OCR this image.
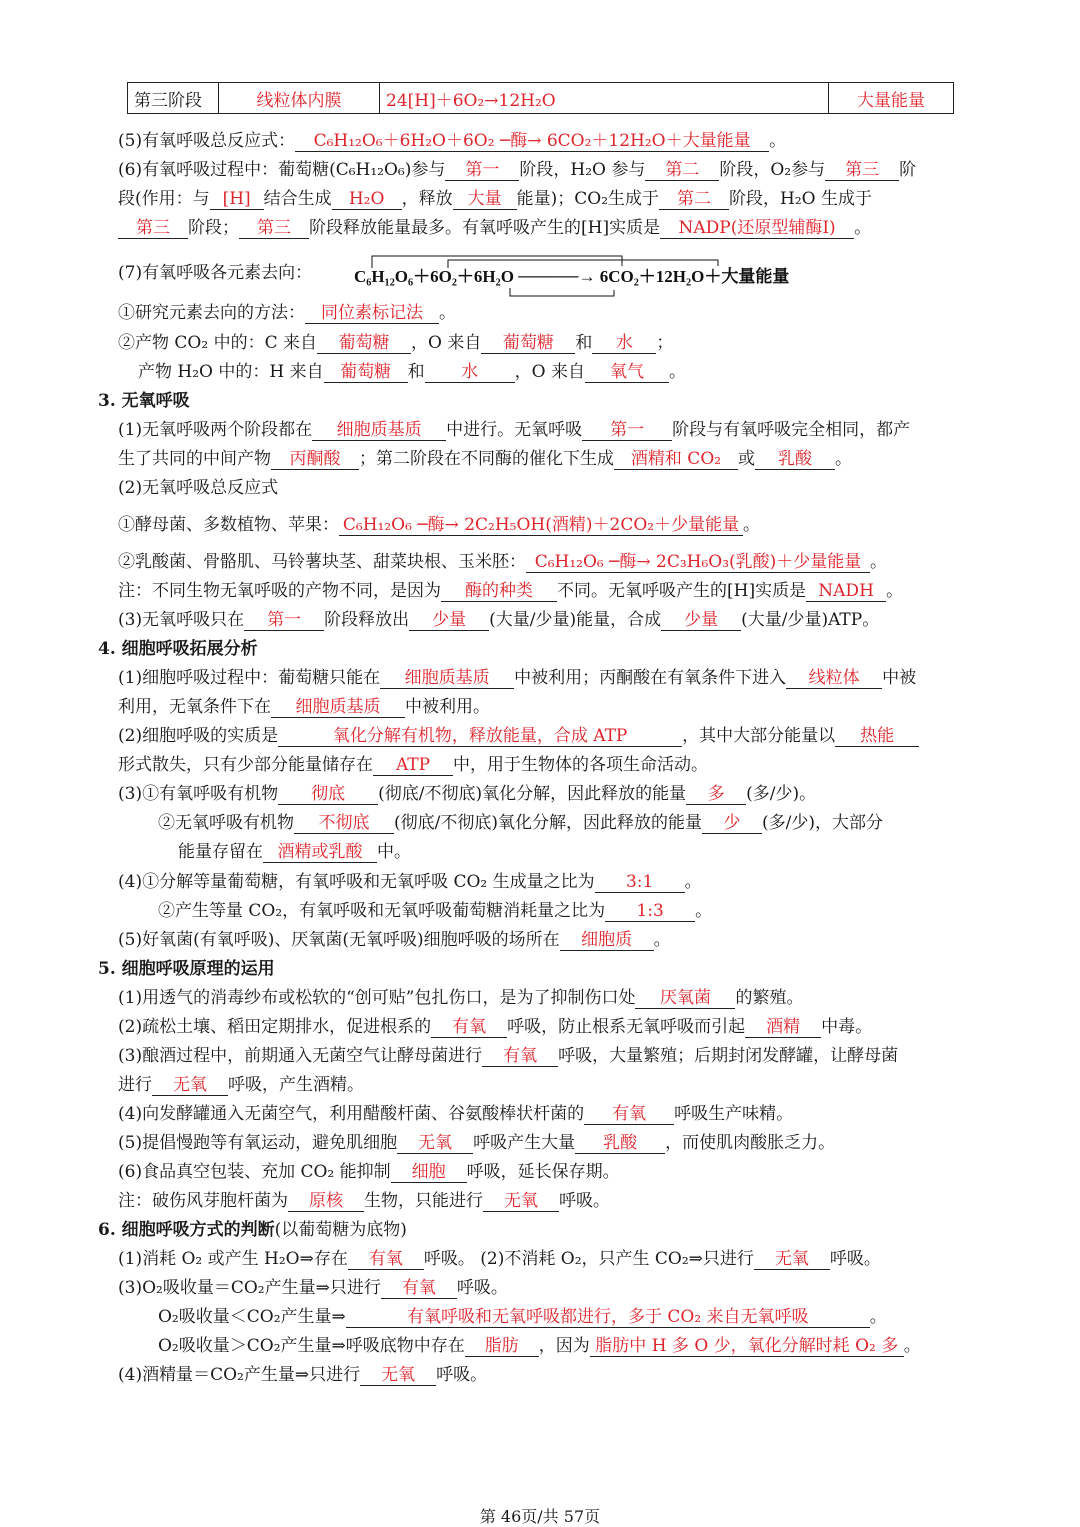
第三阶段	线粒体内膜	24[H]＋6O₂→12H₂O	大量能量
(5)有氧呼吸总反应式： C₆H₁₂O₆＋6H₂O＋6O₂ ─酶→ 6CO₂＋12H₂O＋大量能量 。
(6)有氧呼吸过程中：葡萄糖(C₆H₁₂O₆)参与 第一 阶段，H₂O 参与 第二 阶段，O₂参与 第三 阶
段(作用：与 [H] 结合生成 H₂O ，释放 大量 能量)；CO₂生成于 第二 阶段，H₂O 生成于
第三 阶段； 第三 阶段释放能量最多。有氧呼吸产生的[H]实质是 NADP(还原型辅酶Ⅰ) 。
(7)有氧呼吸各元素去向： C₆H₁₂O₆＋6O₂＋6H₂O ─────→ 6CO₂＋12H₂O＋大量能量
①研究元素去向的方法： 同位素标记法 。
②产物 CO₂ 中的：C 来自 葡萄糖 ，O 来自 葡萄糖 和 水 ；
产物 H₂O 中的：H 来自 葡萄糖 和 水 ，O 来自 氧气 。
3. 无氧呼吸
(1)无氧呼吸两个阶段都在 细胞质基质 中进行。无氧呼吸 第一 阶段与有氧呼吸完全相同，都产
生了共同的中间产物 丙酮酸 ；第二阶段在不同酶的催化下生成 酒精和 CO₂ 或 乳酸 。
(2)无氧呼吸总反应式
①酵母菌、多数植物、苹果： C₆H₁₂O₆ ─酶→ 2C₂H₅OH(酒精)＋2CO₂＋少量能量 。
②乳酸菌、骨骼肌、马铃薯块茎、甜菜块根、玉米胚： C₆H₁₂O₆ ─酶→ 2C₃H₆O₃(乳酸)＋少量能量 。
注：不同生物无氧呼吸的产物不同，是因为 酶的种类 不同。无氧呼吸产生的[H]实质是 NADH 。
(3)无氧呼吸只在 第一 阶段释放出 少量 (大量/少量)能量，合成 少量 (大量/少量)ATP。
4. 细胞呼吸拓展分析
(1)细胞呼吸过程中：葡萄糖只能在 细胞质基质 中被利用；丙酮酸在有氧条件下进入 线粒体 中被
利用，无氧条件下在 细胞质基质 中被利用。
(2)细胞呼吸的实质是	氧化分解有机物，释放能量，合成 ATP	，其中大部分能量以 热能
形式散失，只有少部分能量储存在 ATP 中，用于生物体的各项生命活动。
(3)①有氧呼吸有机物 彻底 (彻底/不彻底)氧化分解，因此释放的能量 多 (多/少)。
②无氧呼吸有机物 不彻底 (彻底/不彻底)氧化分解，因此释放的能量 少 (多/少)，大部分
能量存留在 酒精或乳酸 中。
(4)①分解等量葡萄糖，有氧呼吸和无氧呼吸 CO₂ 生成量之比为 3:1 。
②产生等量 CO₂，有氧呼吸和无氧呼吸葡萄糖消耗量之比为 1:3 。
(5)好氧菌(有氧呼吸)、厌氧菌(无氧呼吸)细胞呼吸的场所在 细胞质 。
5. 细胞呼吸原理的运用
(1)用透气的消毒纱布或松软的“创可贴”包扎伤口，是为了抑制伤口处 厌氧菌 的繁殖。
(2)疏松土壤、稻田定期排水，促进根系的 有氧 呼吸，防止根系无氧呼吸而引起 酒精 中毒。
(3)酿酒过程中，前期通入无菌空气让酵母菌进行 有氧 呼吸，大量繁殖；后期封闭发酵罐，让酵母菌
进行 无氧 呼吸，产生酒精。
(4)向发酵罐通入无菌空气，利用醋酸杆菌、谷氨酸棒状杆菌的 有氧 呼吸生产味精。
(5)提倡慢跑等有氧运动，避免肌细胞 无氧 呼吸产生大量 乳酸 ，而使肌肉酸胀乏力。
(6)食品真空包装、充加 CO₂ 能抑制 细胞 呼吸，延长保存期。
注：破伤风芽胞杆菌为 原核 生物，只能进行 无氧 呼吸。
6. 细胞呼吸方式的判断(以葡萄糖为底物)
(1)消耗 O₂ 或产生 H₂O⇒存在 有氧 呼吸。 (2)不消耗 O₂，只产生 CO₂⇒只进行 无氧 呼吸。
(3)O₂吸收量＝CO₂产生量⇒只进行 有氧 呼吸。
O₂吸收量＜CO₂产生量⇒	有氧呼吸和无氧呼吸都进行，多于 CO₂ 来自无氧呼吸	。
O₂吸收量＞CO₂产生量⇒呼吸底物中存在 脂肪 ，因为 脂肪中 H 多 O 少，氧化分解时耗 O₂ 多 。
(4)酒精量＝CO₂产生量⇒只进行 无氧 呼吸。
第 46页/共 57页
